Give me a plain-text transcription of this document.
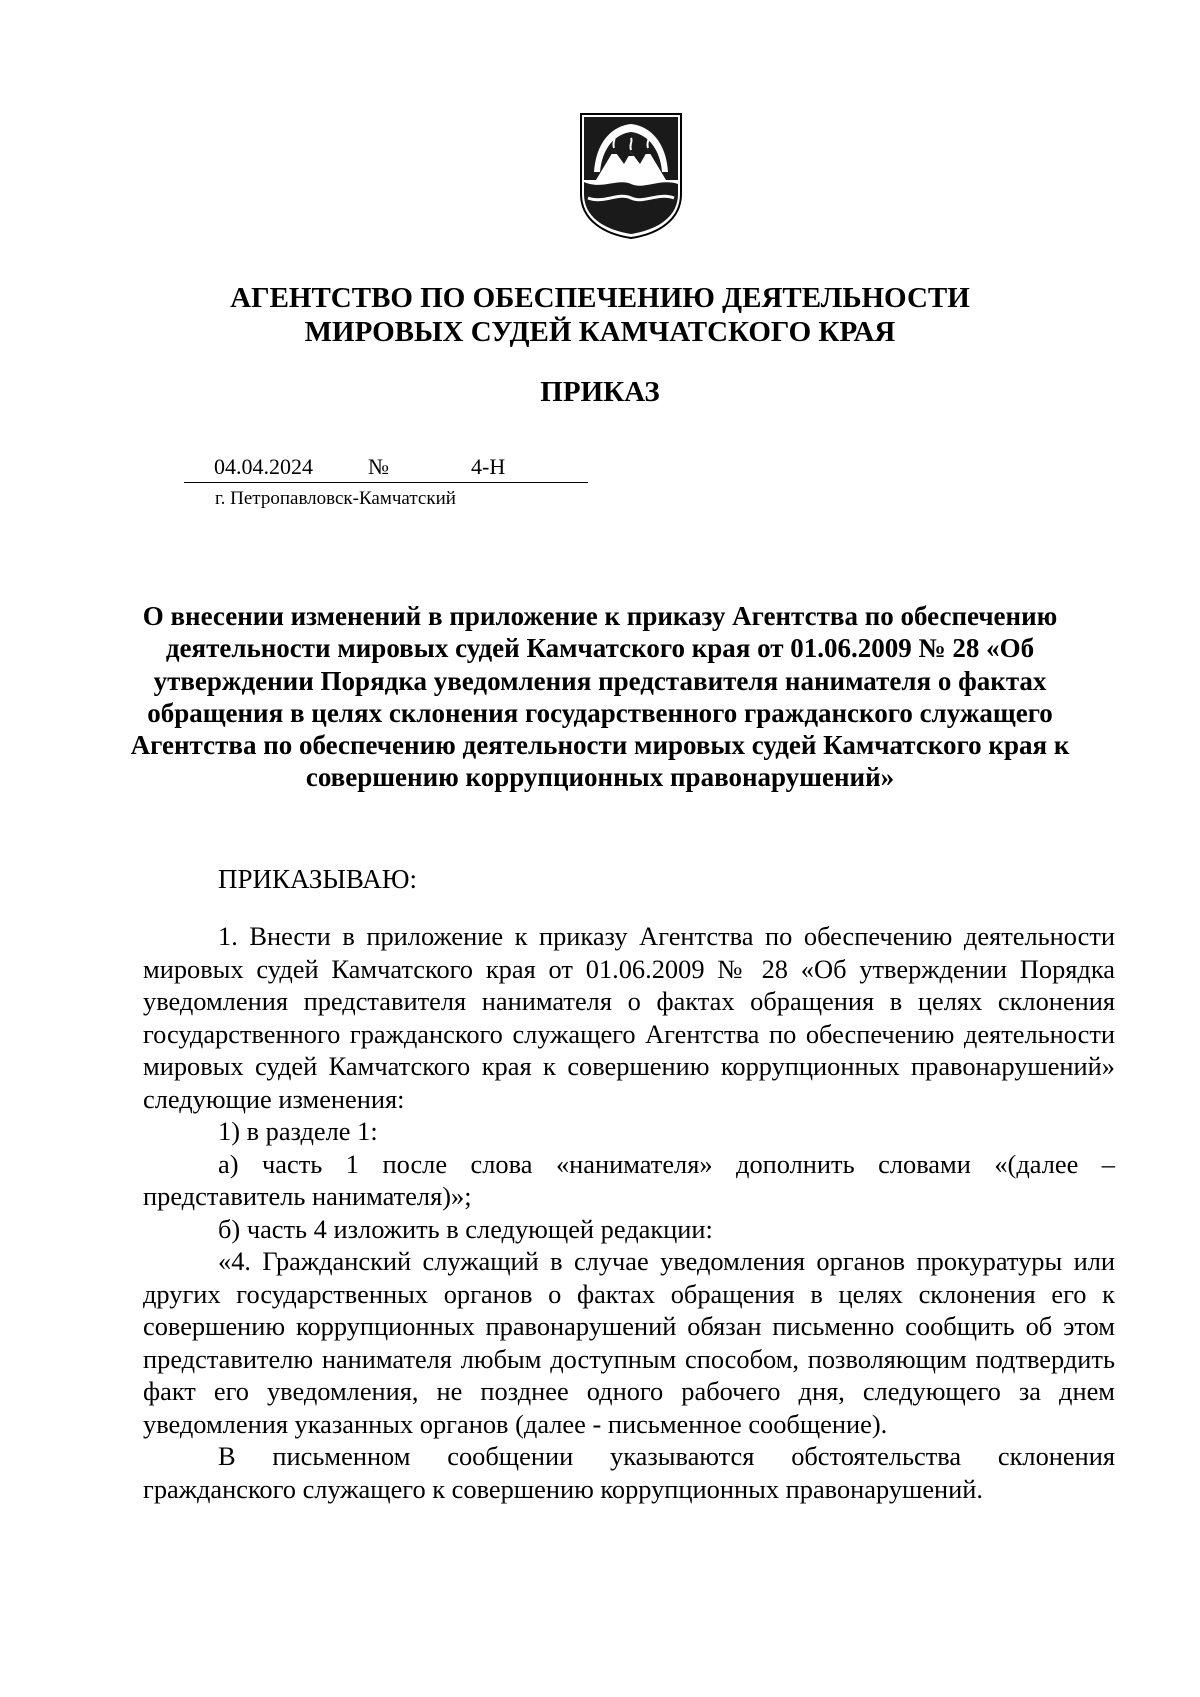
АГЕНТСТВО ПО ОБЕСПЕЧЕНИЮ ДЕЯТЕЛЬНОСТИ
МИРОВЫХ СУДЕЙ КАМЧАТСКОГО КРАЯ
ПРИКАЗ
04.04.2024	№	4-Н
г. Петропавловск-Камчатский
О внесении изменений в приложение к приказу Агентства по обеспечению деятельности мировых судей Камчатского края от 01.06.2009 № 28 «Об утверждении Порядка уведомления представителя нанимателя о фактах обращения в целях склонения государственного гражданского служащего Агентства по обеспечению деятельности мировых судей Камчатского края к совершению коррупционных правонарушений»
ПРИКАЗЫВАЮ:

1. Внести в приложение к приказу Агентства по обеспечению деятельности мировых судей Камчатского края от 01.06.2009 № 28 «Об утверждении Порядка уведомления представителя нанимателя о фактах обращения в целях склонения государственного гражданского служащего Агентства по обеспечению деятельности мировых судей Камчатского края к совершению коррупционных правонарушений» следующие изменения:

1) в разделе 1:

а) часть 1 после слова «нанимателя» дополнить словами «(далее – представитель нанимателя)»;

б) часть 4 изложить в следующей редакции:

«4. Гражданский служащий в случае уведомления органов прокуратуры или других государственных органов о фактах обращения в целях склонения его к совершению коррупционных правонарушений обязан письменно сообщить об этом представителю нанимателя любым доступным способом, позволяющим подтвердить факт его уведомления, не позднее одного рабочего дня, следующего за днем уведомления указанных органов (далее - письменное сообщение).

В письменном сообщении указываются обстоятельства склонения гражданского служащего к совершению коррупционных правонарушений.
